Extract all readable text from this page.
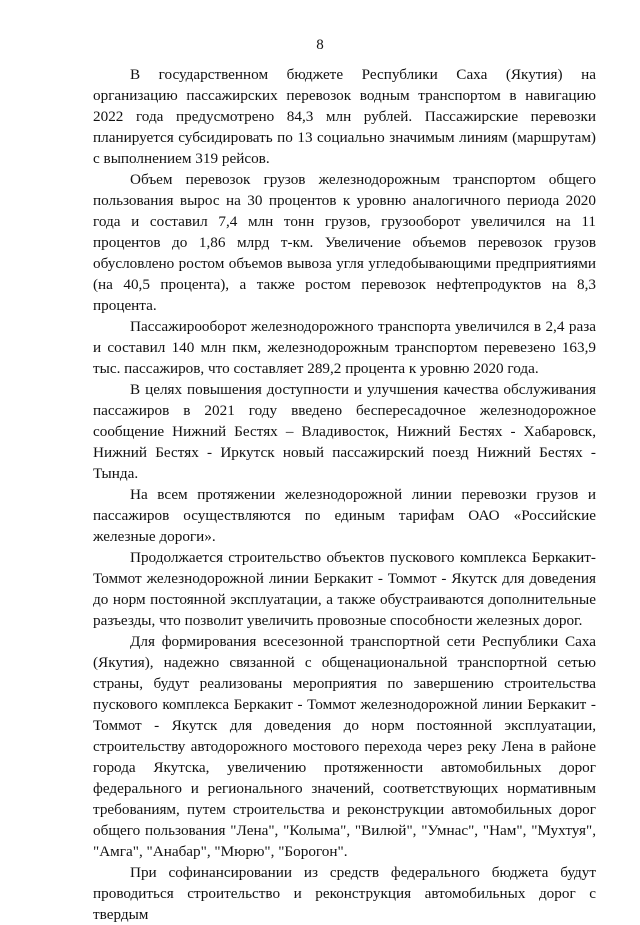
8

В государственном бюджете Республики Саха (Якутия) на организацию пассажирских перевозок водным транспортом в навигацию 2022 года предусмотрено 84,3 млн рублей. Пассажирские перевозки планируется субсидировать по 13 социально значимым линиям (маршрутам) с выполнением 319 рейсов.

Объем перевозок грузов железнодорожным транспортом общего пользования вырос на 30 процентов к уровню аналогичного периода 2020 года и составил 7,4 млн тонн грузов, грузооборот увеличился на 11 процентов до 1,86 млрд т-км. Увеличение объемов перевозок грузов обусловлено ростом объемов вывоза угля угледобывающими предприятиями (на 40,5 процента), а также ростом перевозок нефтепродуктов на 8,3 процента.

Пассажирооборот железнодорожного транспорта увеличился в 2,4 раза и составил 140 млн пкм, железнодорожным транспортом перевезено 163,9 тыс. пассажиров, что составляет 289,2 процента к уровню 2020 года.

В целях повышения доступности и улучшения качества обслуживания пассажиров в 2021 году введено беспересадочное железнодорожное сообщение Нижний Бестях – Владивосток, Нижний Бестях - Хабаровск, Нижний Бестях - Иркутск новый пассажирский поезд Нижний Бестях - Тында.

На всем протяжении железнодорожной линии перевозки грузов и пассажиров осуществляются по единым тарифам ОАО «Российские железные дороги».

Продолжается строительство объектов пускового комплекса Беркакит-Томмот железнодорожной линии Беркакит - Томмот - Якутск для доведения до норм постоянной эксплуатации, а также обустраиваются дополнительные разъезды, что позволит увеличить провозные способности железных дорог.

Для формирования всесезонной транспортной сети Республики Саха (Якутия), надежно связанной с общенациональной транспортной сетью страны, будут реализованы мероприятия по завершению строительства пускового комплекса Беркакит - Томмот железнодорожной линии Беркакит - Томмот - Якутск для доведения до норм постоянной эксплуатации, строительству автодорожного мостового перехода через реку Лена в районе города Якутска, увеличению протяженности автомобильных дорог федерального и регионального значений, соответствующих нормативным требованиям, путем строительства и реконструкции автомобильных дорог общего пользования "Лена", "Колыма", "Вилюй", "Умнас", "Нам", "Мухтуя", "Амга", "Анабар", "Мюрю", "Борогон".

При софинансировании из средств федерального бюджета будут проводиться строительство и реконструкция автомобильных дорог с твердым
